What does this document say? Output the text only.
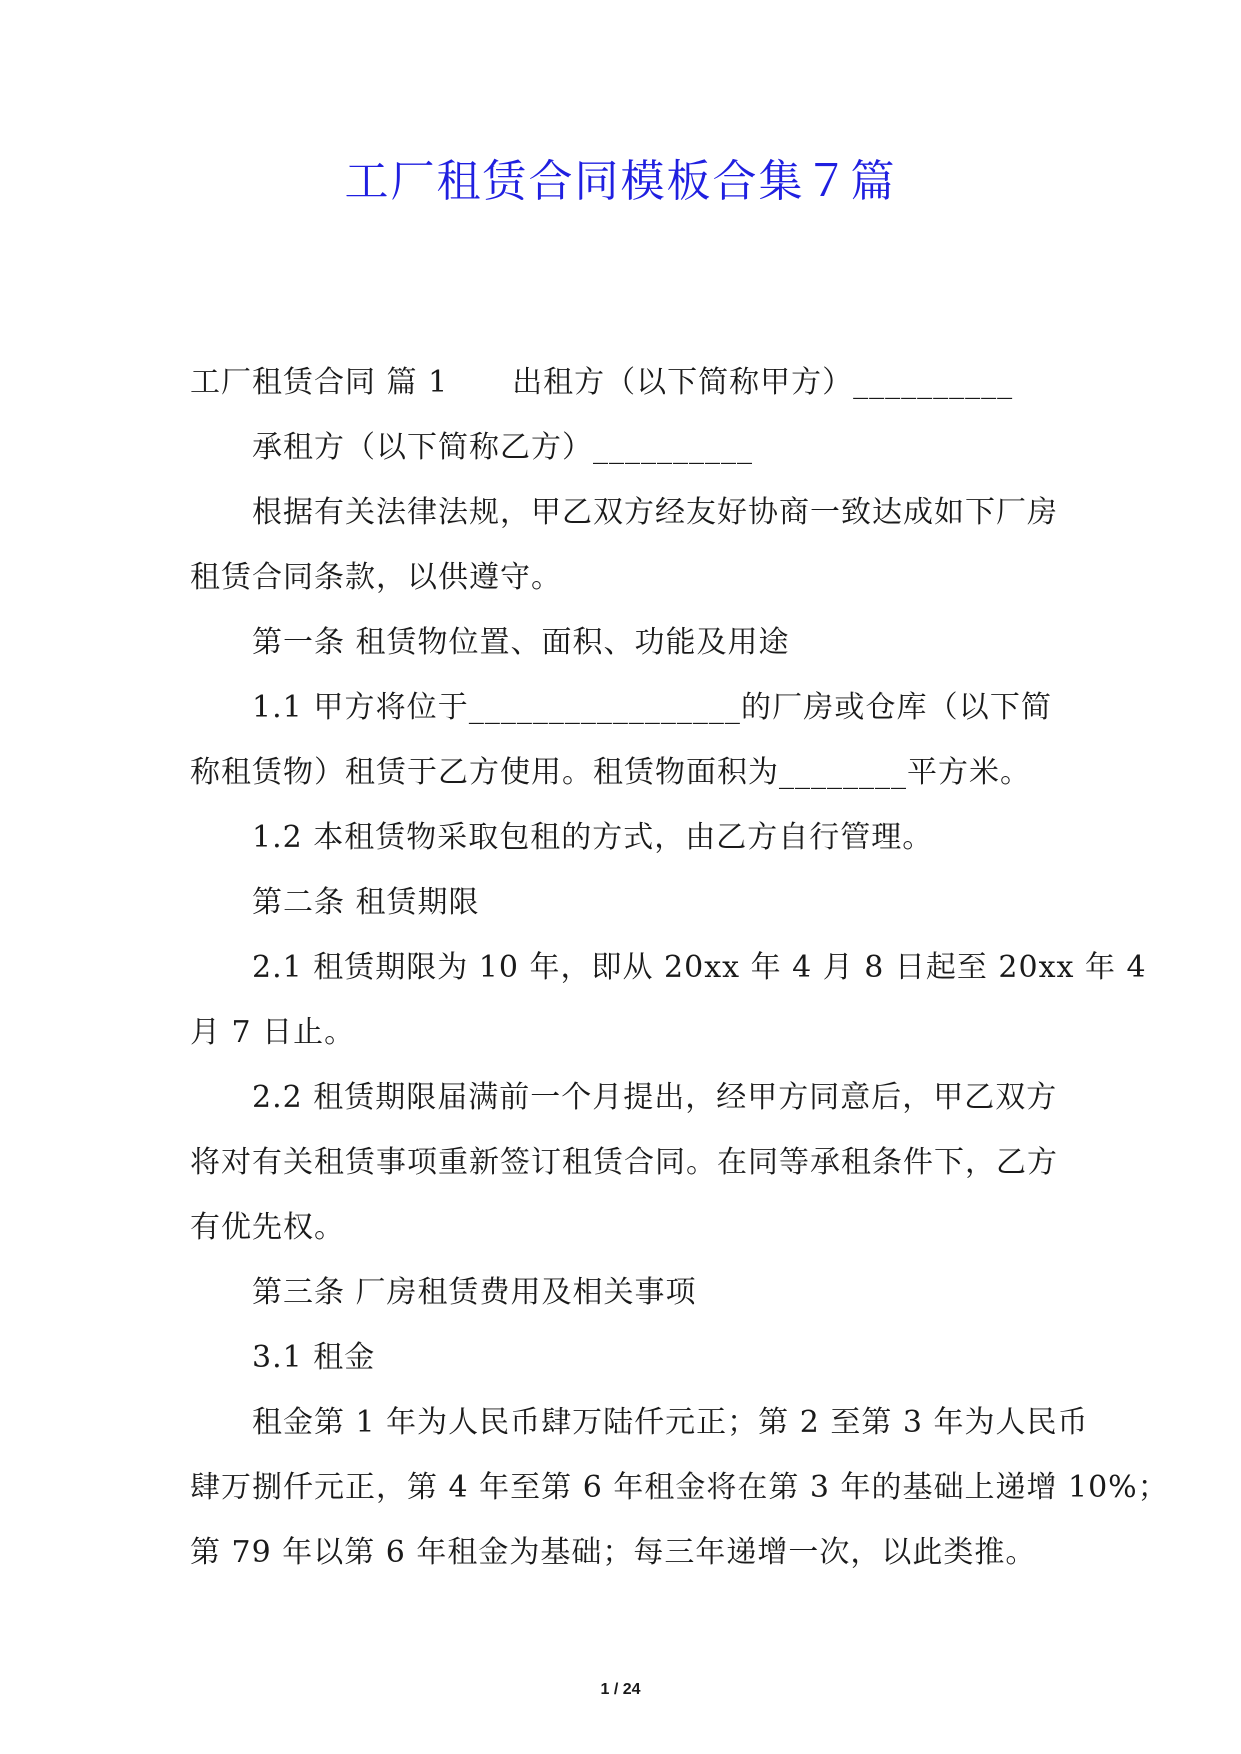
工厂租赁合同模板合集７篇
工厂租赁合同 篇 1 出租方（以下简称甲方）__________
承租方（以下简称乙方）__________
根据有关法律法规，甲乙双方经友好协商一致达成如下厂房
租赁合同条款，以供遵守。
第一条 租赁物位置、面积、功能及用途
1.1 甲方将位于_________________的厂房或仓库（以下简
称租赁物）租赁于乙方使用。租赁物面积为________平方米。
1.2 本租赁物采取包租的方式，由乙方自行管理。
第二条 租赁期限
2.1 租赁期限为 10 年，即从 20xx 年 4 月 8 日起至 20xx 年 4
月 7 日止。
2.2 租赁期限届满前一个月提出，经甲方同意后，甲乙双方
将对有关租赁事项重新签订租赁合同。在同等承租条件下，乙方
有优先权。
第三条 厂房租赁费用及相关事项
3.1 租金
租金第 1 年为人民币肆万陆仟元正；第 2 至第 3 年为人民币
肆万捌仟元正，第 4 年至第 6 年租金将在第 3 年的基础上递增 10%；
第 79 年以第 6 年租金为基础；每三年递增一次，以此类推。
1 / 24
